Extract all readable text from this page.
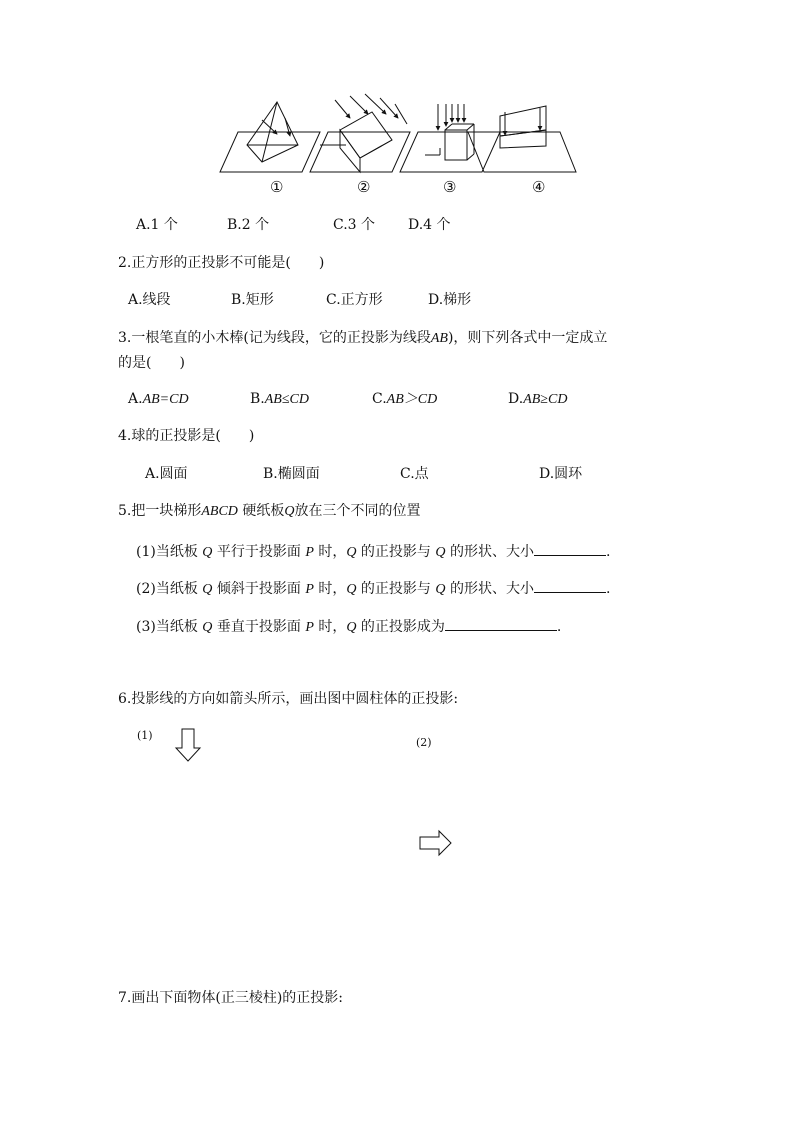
①	②	③	④
A.1 个	B.2 个	C.3 个 D.4 个
2.正方形的正投影不可能是(　　)
A.线段	B.矩形	C.正方形	D.梯形
3.一根笔直的小木棒(记为线段，它的正投影为线段AB)，则下列各式中一定成立
的是(　　)
A.AB=CD	B.AB≤CD	C.AB＞CD	D.AB≥CD
4.球的正投影是(　　)
A.圆面	B.椭圆面	C.点	D.圆环
5.把一块梯形ABCD 硬纸板Q放在三个不同的位置
(1)当纸板 Q 平行于投影面 P 时，Q 的正投影与 Q 的形状、大小	.
(2)当纸板 Q 倾斜于投影面 P 时，Q 的正投影与 Q 的形状、大小	.
(3)当纸板 Q 垂直于投影面 P 时，Q 的正投影成为	.
6.投影线的方向如箭头所示，画出图中圆柱体的正投影:
(1)
(2)
7.画出下面物体(正三棱柱)的正投影:
